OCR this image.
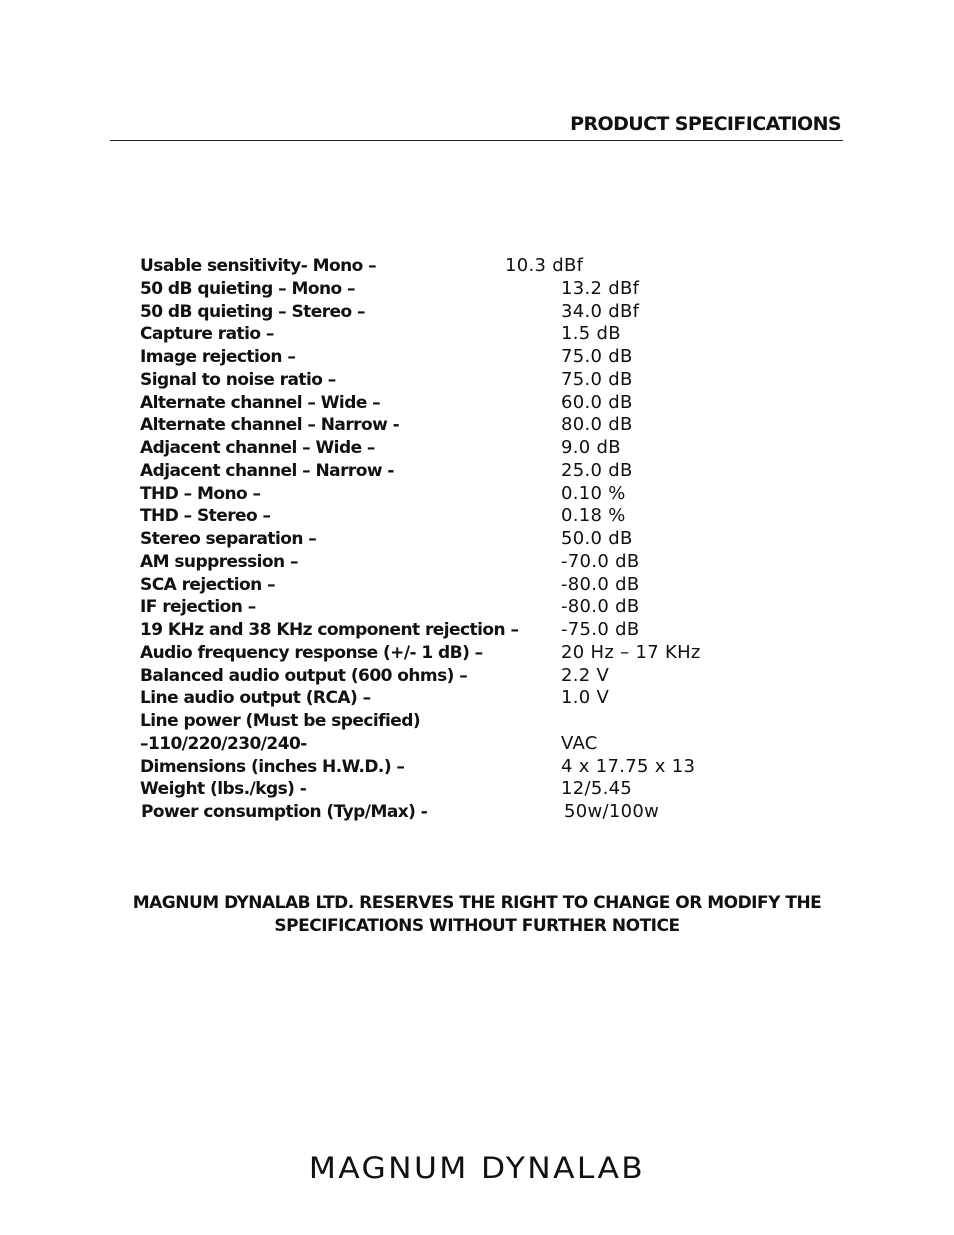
PRODUCT SPECIFICATIONS
Usable sensitivity- Mono –	10.3 dBf
50 dB quieting – Mono –	13.2 dBf
50 dB quieting – Stereo –	34.0 dBf
Capture ratio –	1.5 dB
Image rejection –	75.0 dB
Signal to noise ratio –	75.0 dB
Alternate channel – Wide –	60.0 dB
Alternate channel – Narrow -	80.0 dB
Adjacent channel – Wide –	9.0 dB
Adjacent channel – Narrow -	25.0 dB
THD – Mono –	0.10 %
THD – Stereo –	0.18 %
Stereo separation –	50.0 dB
AM suppression –	-70.0 dB
SCA rejection –	-80.0 dB
IF rejection –	-80.0 dB
19 KHz and 38 KHz component rejection – -75.0 dB
Audio frequency response (+/- 1 dB) –	20 Hz – 17 KHz
Balanced audio output (600 ohms) –	2.2 V
Line audio output (RCA) –	1.0 V
Line power (Must be specified)
–110/220/230/240-	VAC
Dimensions (inches H.W.D.) –	4 x 17.75 x 13
Weight (lbs./kgs) -	12/5.45
Power consumption (Typ/Max) -	50w/100w
MAGNUM DYNALAB LTD. RESERVES THE RIGHT TO CHANGE OR MODIFY THE
SPECIFICATIONS WITHOUT FURTHER NOTICE
MAGNUM DYNALAB
